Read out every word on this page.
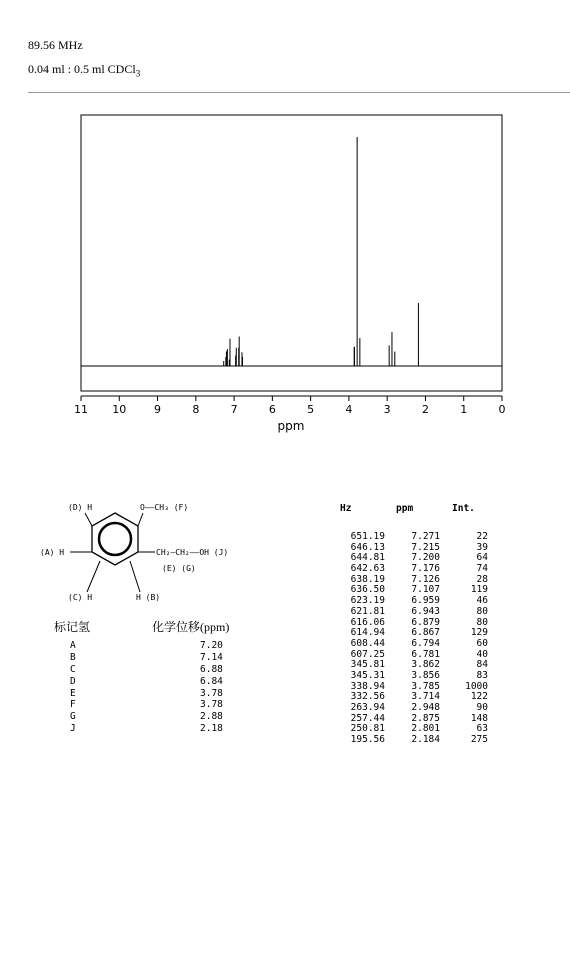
89.56 MHz
0.04 ml : 0.5 ml CDCl$_3$
11 10	9	8	7	6	5	4	3	2	1	0
ppm
(D) H	O——CH₃ (F)
(A) H	CH₂—CH₂——OH (J)
(E) (G)
(C) H	H (B)
标记氢	化学位移(ppm)
A	7.20
B	7.14
C	6.88
D	6.84
E	3.78
F	3.78
G	2.88
J	2.18
Hz	ppm	Int.
651.19	7.271	22
646.13	7.215	39
644.81	7.200	64
642.63	7.176	74
638.19	7.126	28
636.50	7.107	119
623.19	6.959	46
621.81	6.943	80
616.06	6.879	80
614.94	6.867	129
608.44	6.794	60
607.25	6.781	40
345.81	3.862	84
345.31	3.856	83
338.94	3.785	1000
332.56	3.714	122
263.94	2.948	90
257.44	2.875	148
250.81	2.801	63
195.56	2.184	275
